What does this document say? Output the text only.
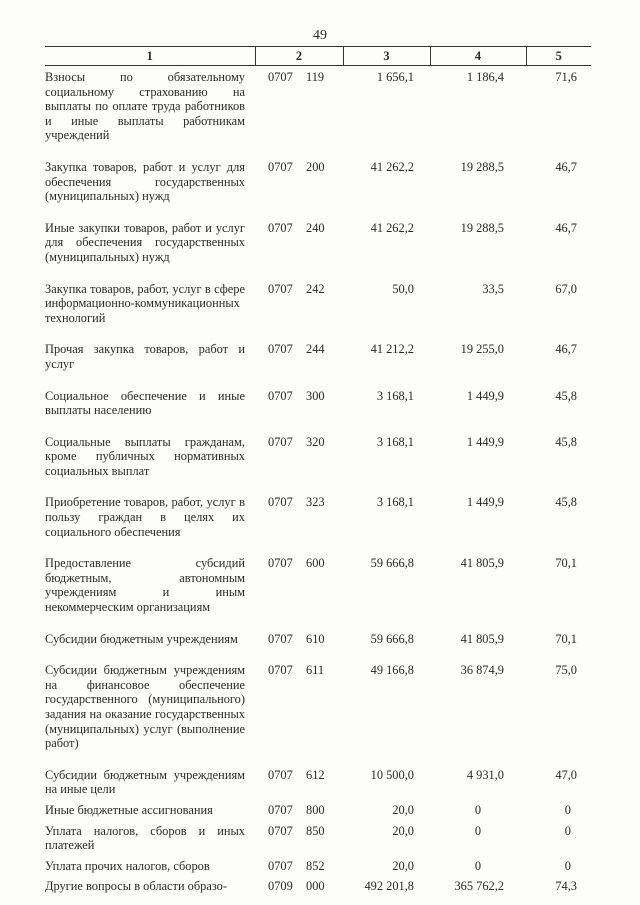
49
1	2	3	4	5
Взносы по обязательному социальному страхованию на выплаты по оплате труда работников и иные выплаты работникам учреждений	0707 119	1 656,1	1 186,4	71,6
Закупка товаров, работ и услуг для обеспечения государственных (муниципальных) нужд	0707 200	41 262,2	19 288,5	46,7
Иные закупки товаров, работ и услуг для обеспечения государственных (муниципальных) нужд	0707 240	41 262,2	19 288,5	46,7
Закупка товаров, работ, услуг в сфере информационно-коммуникационных технологий	0707 242	50,0	33,5	67,0
Прочая закупка товаров, работ и услуг	0707 244	41 212,2	19 255,0	46,7
Социальное обеспечение и иные выплаты населению	0707 300	3 168,1	1 449,9	45,8
Социальные выплаты гражданам, кроме публичных нормативных социальных выплат	0707 320	3 168,1	1 449,9	45,8
Приобретение товаров, работ, услуг в пользу граждан в целях их социального обеспечения	0707 323	3 168,1	1 449,9	45,8
Предоставление субсидий бюджетным, автономным учреждениям и иным некоммерческим организациям	0707 600	59 666,8	41 805,9	70,1
Субсидии бюджетным учреждениям	0707 610	59 666,8	41 805,9	70,1
Субсидии бюджетным учреждениям на финансовое обеспечение государственного (муниципального) задания на оказание государственных (муниципальных) услуг (выполнение работ)	0707 611	49 166,8	36 874,9	75,0
Субсидии бюджетным учреждениям на иные цели	0707 612	10 500,0	4 931,0	47,0
Иные бюджетные ассигнования	0707 800	20,0	0	0
Уплата налогов, сборов и иных платежей	0707 850	20,0	0	0
Уплата прочих налогов, сборов	0707 852	20,0	0	0
Другие вопросы в области образо-	0709 000	492 201,8	365 762,2	74,3
